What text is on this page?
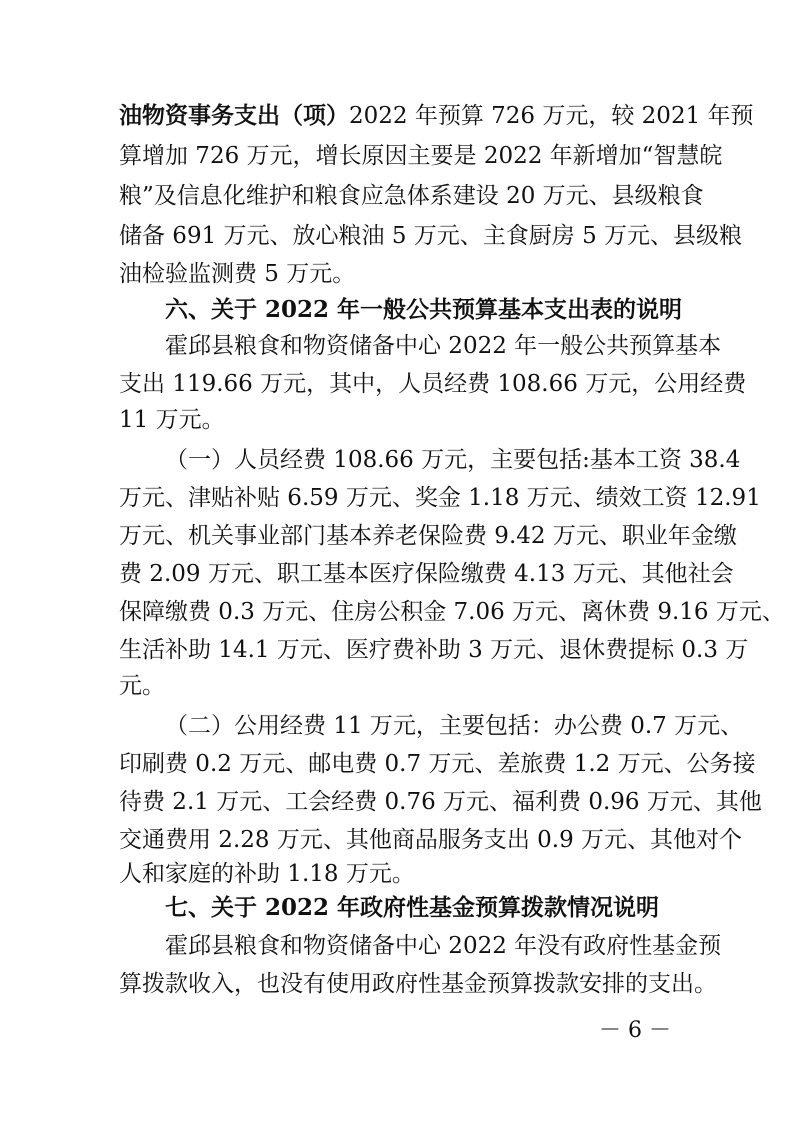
油物资事务支出（项）2022 年预算 726 万元，较 2021 年预
算增加 726 万元，增长原因主要是 2022 年新增加“智慧皖
粮”及信息化维护和粮食应急体系建设 20 万元、县级粮食
储备 691 万元、放心粮油 5 万元、主食厨房 5 万元、县级粮
油检验监测费 5 万元。
六、关于 2022 年一般公共预算基本支出表的说明
霍邱县粮食和物资储备中心 2022 年一般公共预算基本
支出 119.66 万元，其中，人员经费 108.66 万元，公用经费
11 万元。
（一）人员经费 108.66 万元，主要包括:基本工资 38.4
万元、津贴补贴 6.59 万元、奖金 1.18 万元、绩效工资 12.91
万元、机关事业部门基本养老保险费 9.42 万元、职业年金缴
费 2.09 万元、职工基本医疗保险缴费 4.13 万元、其他社会
保障缴费 0.3 万元、住房公积金 7.06 万元、离休费 9.16 万元、
生活补助 14.1 万元、医疗费补助 3 万元、退休费提标 0.3 万
元。
（二）公用经费 11 万元，主要包括：办公费 0.7 万元、
印刷费 0.2 万元、邮电费 0.7 万元、差旅费 1.2 万元、公务接
待费 2.1 万元、工会经费 0.76 万元、福利费 0.96 万元、其他
交通费用 2.28 万元、其他商品服务支出 0.9 万元、其他对个
人和家庭的补助 1.18 万元。
七、关于 2022 年政府性基金预算拨款情况说明
霍邱县粮食和物资储备中心 2022 年没有政府性基金预
算拨款收入，也没有使用政府性基金预算拨款安排的支出。
－ 6 －
